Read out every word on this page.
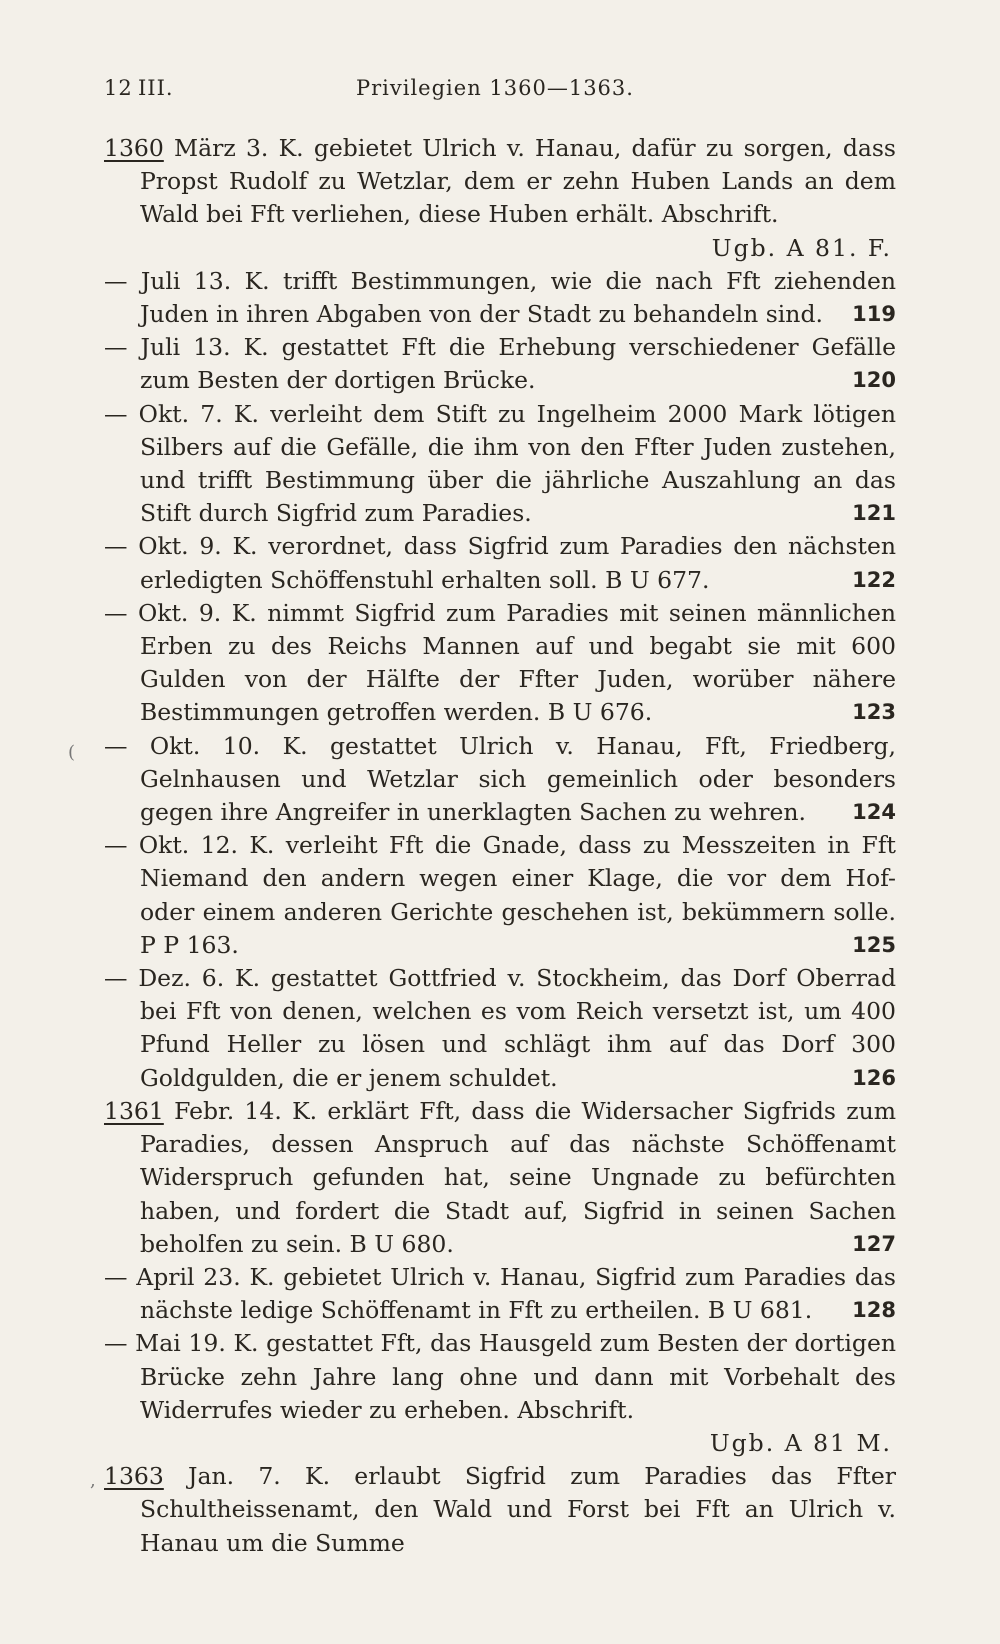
12 III.	Privilegien 1360—1363.
(
,
1360 März 3. K. gebietet Ulrich v. Hanau, dafür zu sorgen, dass Propst Rudolf zu Wetzlar, dem er zehn Huben Lands an dem Wald bei Fft verliehen, diese Huben erhält. Abschrift.
Ugb. A 81. F.
— Juli 13. K. trifft Bestimmungen, wie die nach Fft ziehenden Juden in ihren Abgaben von der Stadt zu behandeln sind. 119
— Juli 13. K. gestattet Fft die Erhebung verschiedener Gefälle zum Besten der dortigen Brücke.	120
— Okt. 7. K. verleiht dem Stift zu Ingelheim 2000 Mark lötigen Silbers auf die Gefälle, die ihm von den Ffter Juden zustehen, und trifft Bestimmung über die jährliche Auszahlung an das Stift durch Sigfrid zum Paradies.	121
— Okt. 9. K. verordnet, dass Sigfrid zum Paradies den nächsten erledigten Schöffenstuhl erhalten soll. B U 677.	122
— Okt. 9. K. nimmt Sigfrid zum Paradies mit seinen männlichen Erben zu des Reichs Mannen auf und begabt sie mit 600 Gulden von der Hälfte der Ffter Juden, worüber nähere Bestimmungen getroffen werden. B U 676.	123
— Okt. 10. K. gestattet Ulrich v. Hanau, Fft, Friedberg, Gelnhausen und Wetzlar sich gemeinlich oder besonders gegen ihre Angreifer in unerklagten Sachen zu wehren. 124
— Okt. 12. K. verleiht Fft die Gnade, dass zu Messzeiten in Fft Niemand den andern wegen einer Klage, die vor dem Hof- oder einem anderen Gerichte geschehen ist, bekümmern solle. P P 163.	125
— Dez. 6. K. gestattet Gottfried v. Stockheim, das Dorf Oberrad bei Fft von denen, welchen es vom Reich versetzt ist, um 400 Pfund Heller zu lösen und schlägt ihm auf das Dorf 300 Goldgulden, die er jenem schuldet.	126
1361 Febr. 14. K. erklärt Fft, dass die Widersacher Sigfrids zum Paradies, dessen Anspruch auf das nächste Schöffenamt Widerspruch gefunden hat, seine Ungnade zu befürchten haben, und fordert die Stadt auf, Sigfrid in seinen Sachen beholfen zu sein. B U 680.	127
— April 23. K. gebietet Ulrich v. Hanau, Sigfrid zum Paradies das nächste ledige Schöffenamt in Fft zu ertheilen. B U 681. 128
— Mai 19. K. gestattet Fft, das Hausgeld zum Besten der dortigen Brücke zehn Jahre lang ohne und dann mit Vorbehalt des Widerrufes wieder zu erheben. Abschrift.
Ugb. A 81 M.
1363 Jan. 7. K. erlaubt Sigfrid zum Paradies das Ffter Schultheissenamt, den Wald und Forst bei Fft an Ulrich v. Hanau um die Summe
